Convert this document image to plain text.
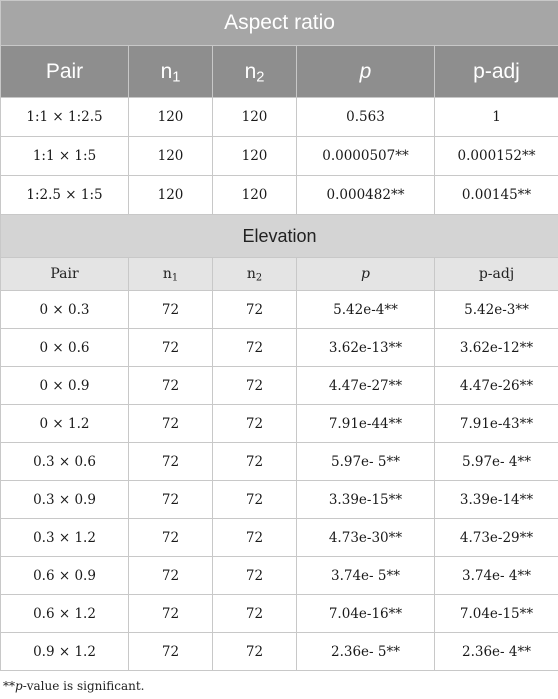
Aspect ratio				
Pair	$n_1$	$n_2$	p	p-adj
1:1 × 1:2.5	120	120	0.563	1
1:1 × 1:5	120	120	0.0000507**	0.000152**
1:2.5 × 1:5	120	120	0.000482**	0.00145**
Elevation				
Pair	$n_1$	$n_2$	p	p-adj
0 × 0.3	72	72	5.42e-4**	5.42e-3**
0 × 0.6	72	72	3.62e-13**	3.62e-12**
0 × 0.9	72	72	4.47e-27**	4.47e-26**
0 × 1.2	72	72	7.91e-44**	7.91e-43**
0.3 × 0.6	72	72	5.97e- 5**	5.97e- 4**
0.3 × 0.9	72	72	3.39e-15**	3.39e-14**
0.3 × 1.2	72	72	4.73e-30**	4.73e-29**
0.6 × 0.9	72	72	3.74e- 5**	3.74e- 4**
0.6 × 1.2	72	72	7.04e-16**	7.04e-15**
0.9 × 1.2	72	72	2.36e- 5**	2.36e- 4**
**p-value is significant.
